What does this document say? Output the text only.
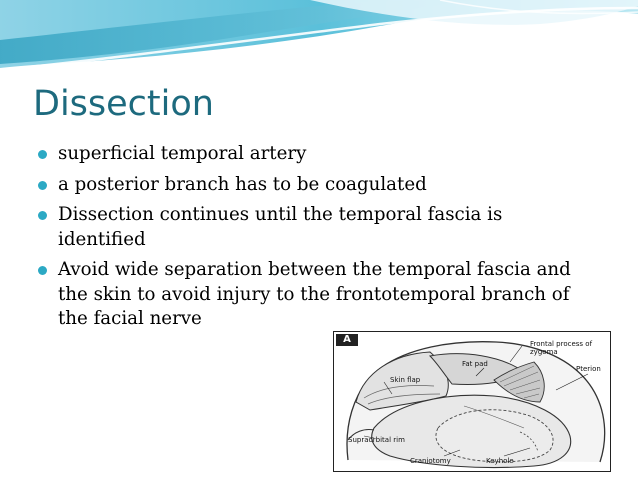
Dissection
superficial temporal artery
a posterior branch has to be coagulated
Dissection continues until the temporal fascia is identified
Avoid wide separation between the temporal fascia and the skin to avoid injury to the frontotemporal branch of the facial nerve
A	Frontal process of zygoma
Fat pad
Pterion
Skin flap
Supraorbital rim
Craniotomy	Keyhole
